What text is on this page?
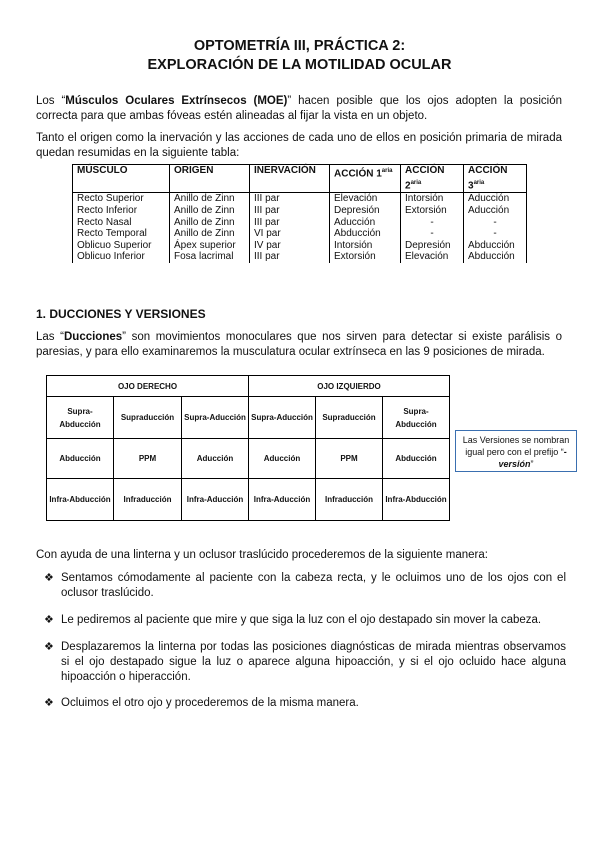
OPTOMETRÍA III, PRÁCTICA 2:
EXPLORACIÓN DE LA MOTILIDAD OCULAR
Los “Músculos Oculares Extrínsecos (MOE)” hacen posible que los ojos adopten la posición correcta para que ambas fóveas estén alineadas al fijar la vista en un objeto.
Tanto el origen como la inervación y las acciones de cada uno de ellos en posición primaria de mirada quedan resumidas en la siguiente tabla:
MÚSCULO	ORIGEN	INERVACIÓN	ACCIÓN $1^{aria}$	ACCIÓN $2^{aria}$	ACCIÓN $3^{aria}$
Recto Superior	Anillo de Zinn	III par	Elevación	Intorsión	Aducción
Recto Inferior	Anillo de Zinn	III par	Depresión	Extorsión	Aducción
Recto Nasal	Anillo de Zinn	III par	Aducción	-	-
Recto Temporal	Anillo de Zinn	VI par	Abducción	-	-
Oblicuo Superior	Ápex superior	IV par	Intorsión	Depresión	Abducción
Oblicuo Inferior	Fosa lacrimal	III par	Extorsión	Elevación	Abducción
1. DUCCIONES Y VERSIONES
Las “Ducciones” son movimientos monoculares que nos sirven para detectar si existe parálisis o paresias, y para ello examinaremos la musculatura ocular extrínseca en las 9 posiciones de mirada.
OJO DERECHO			OJO IZQUIERDO		
Supra-Abducción	Supraducción	Supra-Aducción	Supra-Aducción	Supraducción	Supra-Abducción
Abducción	PPM	Aducción	Aducción	PPM	Abducción
Infra-Abducción	Infraducción	Infra-Aducción	Infra-Aducción	Infraducción	Infra-Abducción
Las Versiones se nombran igual pero con el prefijo “-versión”
Con ayuda de una linterna y un oclusor traslúcido procederemos de la siguiente manera:
❖ Sentamos cómodamente al paciente con la cabeza recta, y le ocluimos uno de los ojos con el oclusor traslúcido.
❖ Le pediremos al paciente que mire y que siga la luz con el ojo destapado sin mover la cabeza.
❖ Desplazaremos la linterna por todas las posiciones diagnósticas de mirada mientras observamos si el ojo destapado sigue la luz o aparece alguna hipoacción, y si el ojo ocluido hace alguna hipoacción o hiperacción.
❖ Ocluimos el otro ojo y procederemos de la misma manera.
